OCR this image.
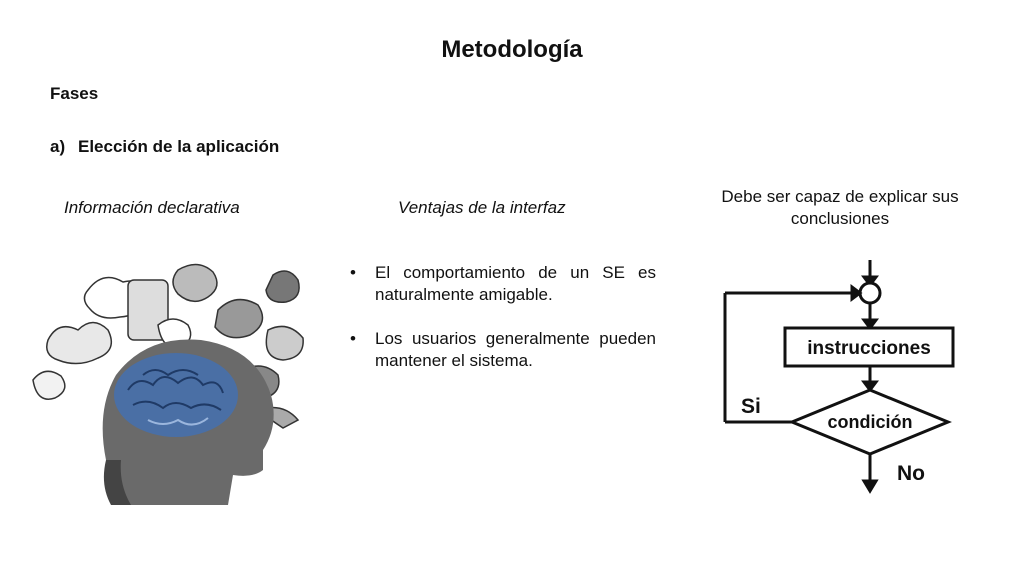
Metodología
Fases
a) Elección de la aplicación
Información declarativa	Ventajas de la interfaz
Debe ser capaz de explicar sus conclusiones
• El comportamiento de un SE es naturalmente amigable.
• Los usuarios generalmente pueden mantener el sistema.
instrucciones
condición
Si
No
